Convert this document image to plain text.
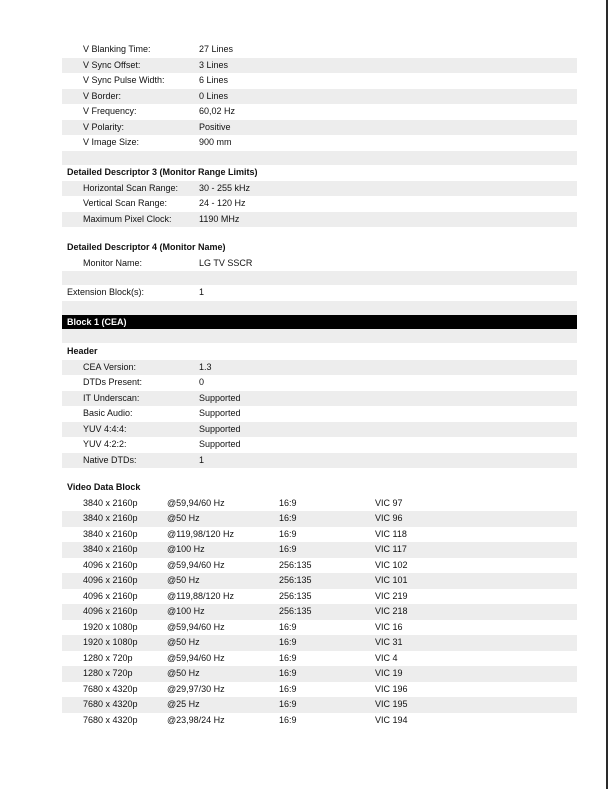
V Blanking Time:	27 Lines
V Sync Offset:	3 Lines
V Sync Pulse Width:	6 Lines
V Border:	0 Lines
V Frequency:	60,02 Hz
V Polarity:	Positive
V Image Size:	900 mm
Detailed Descriptor 3 (Monitor Range Limits)
Horizontal Scan Range: 30 - 255 kHz
Vertical Scan Range:	24 - 120 Hz
Maximum Pixel Clock:	1190 MHz
Detailed Descriptor 4 (Monitor Name)
Monitor Name:	LG TV SSCR
Extension Block(s):	1
Block 1 (CEA)
Header
CEA Version:	1.3
DTDs Present:	0
IT Underscan:	Supported
Basic Audio:	Supported
YUV 4:4:4:	Supported
YUV 4:2:2:	Supported
Native DTDs:	1
Video Data Block
3840 x 2160p	@59,94/60 Hz	16:9	VIC 97
3840 x 2160p	@50 Hz	16:9	VIC 96
3840 x 2160p	@119,98/120 Hz	16:9	VIC 118
3840 x 2160p	@100 Hz	16:9	VIC 117
4096 x 2160p	@59,94/60 Hz	256:135	VIC 102
4096 x 2160p	@50 Hz	256:135	VIC 101
4096 x 2160p	@119,88/120 Hz	256:135	VIC 219
4096 x 2160p	@100 Hz	256:135	VIC 218
1920 x 1080p	@59,94/60 Hz	16:9	VIC 16
1920 x 1080p	@50 Hz	16:9	VIC 31
1280 x 720p	@59,94/60 Hz	16:9	VIC 4
1280 x 720p	@50 Hz	16:9	VIC 19
7680 x 4320p	@29,97/30 Hz	16:9	VIC 196
7680 x 4320p	@25 Hz	16:9	VIC 195
7680 x 4320p	@23,98/24 Hz	16:9	VIC 194
